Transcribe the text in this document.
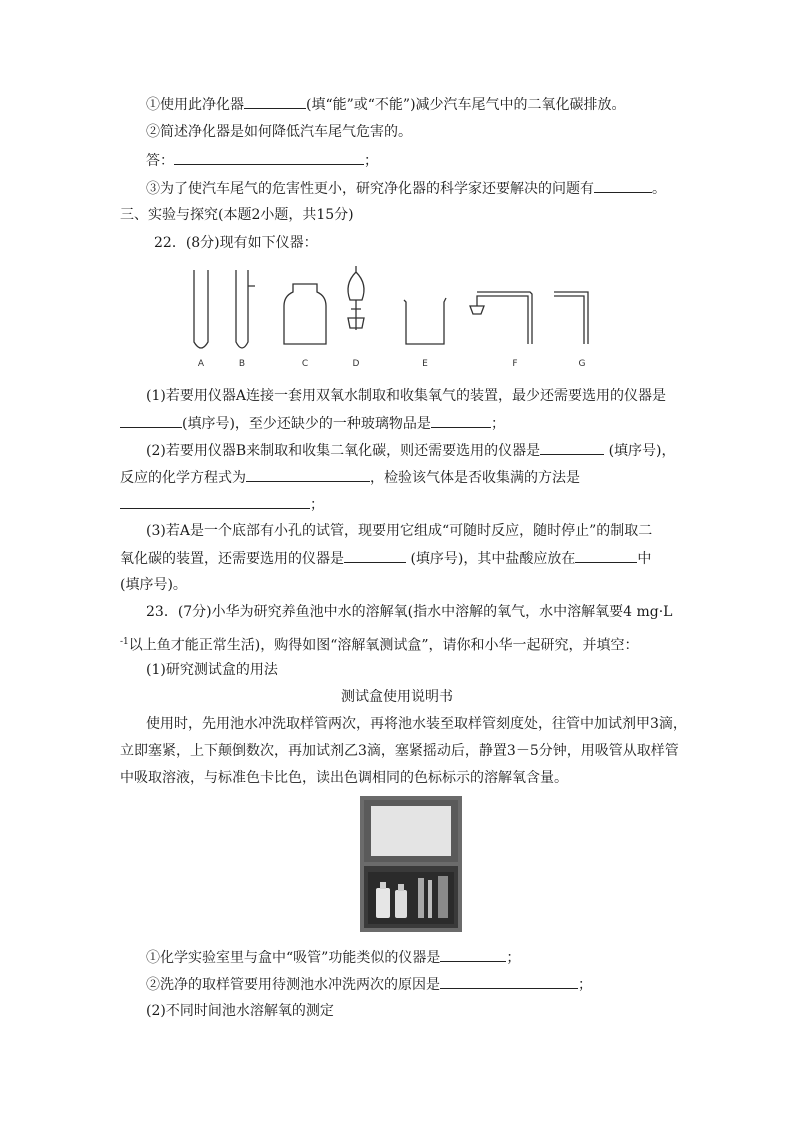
①使用此净化器	(填“能”或“不能”)减少汽车尾气中的二氧化碳排放。
②简述净化器是如何降低汽车尾气危害的。
答：	；
③为了使汽车尾气的危害性更小，研究净化器的科学家还要解决的问题有	。
三、实验与探究(本题2小题，共15分)
22．(8分)现有如下仪器：
A	B	C	D	E	F	G
(1)若要用仪器A连接一套用双氧水制取和收集氧气的装置，最少还需要选用的仪器是
(填序号)，至少还缺少的一种玻璃物品是	；
(2)若要用仪器B来制取和收集二氧化碳，则还需要选用的仪器是	(填序号)，
反应的化学方程式为	，检验该气体是否收集满的方法是
；
(3)若A是一个底部有小孔的试管，现要用它组成“可随时反应，随时停止”的制取二
氧化碳的装置，还需要选用的仪器是	(填序号)，其中盐酸应放在	中
(填序号)。
23．(7分)小华为研究养鱼池中水的溶解氧(指水中溶解的氧气，水中溶解氧要4 mg·L
$^{-1}$以上鱼才能正常生活)，购得如图“溶解氧测试盒”，请你和小华一起研究，并填空：
(1)研究测试盒的用法
测试盒使用说明书
使用时，先用池水冲洗取样管两次，再将池水装至取样管刻度处，往管中加试剂甲3滴，
立即塞紧，上下颠倒数次，再加试剂乙3滴，塞紧摇动后，静置3－5分钟，用吸管从取样管
中吸取溶液，与标准色卡比色，读出色调相同的色标标示的溶解氧含量。
①化学实验室里与盒中“吸管”功能类似的仪器是	；
②洗净的取样管要用待测池水冲洗两次的原因是	；
(2)不同时间池水溶解氧的测定
